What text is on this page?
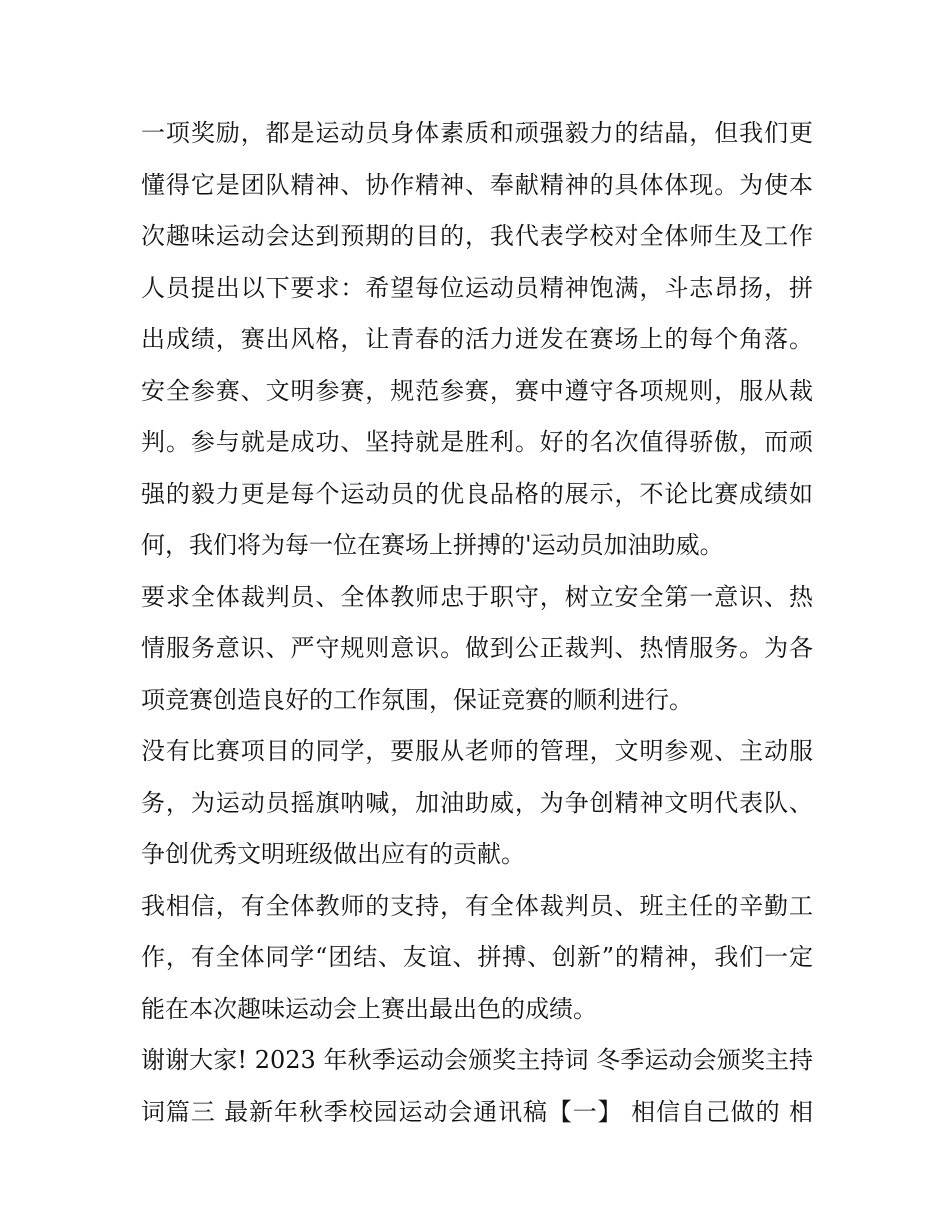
一项奖励，都是运动员身体素质和顽强毅力的结晶，但我们更
懂得它是团队精神、协作精神、奉献精神的具体体现。为使本
次趣味运动会达到预期的目的，我代表学校对全体师生及工作
人员提出以下要求：希望每位运动员精神饱满，斗志昂扬，拼
出成绩，赛出风格，让青春的活力迸发在赛场上的每个角落。
安全参赛、文明参赛，规范参赛，赛中遵守各项规则，服从裁
判。参与就是成功、坚持就是胜利。好的名次值得骄傲，而顽
强的毅力更是每个运动员的优良品格的展示，不论比赛成绩如
何，我们将为每一位在赛场上拼搏的'运动员加油助威。
要求全体裁判员、全体教师忠于职守，树立安全第一意识、热
情服务意识、严守规则意识。做到公正裁判、热情服务。为各
项竞赛创造良好的工作氛围，保证竞赛的顺利进行。
没有比赛项目的同学，要服从老师的管理，文明参观、主动服
务，为运动员摇旗呐喊，加油助威，为争创精神文明代表队、
争创优秀文明班级做出应有的贡献。
我相信，有全体教师的支持，有全体裁判员、班主任的辛勤工
作，有全体同学“团结、友谊、拼搏、创新”的精神，我们一定
能在本次趣味运动会上赛出最出色的成绩。
谢谢大家! 2023 年秋季运动会颁奖主持词 冬季运动会颁奖主持
词篇三 最新年秋季校园运动会通讯稿【一】 相信自己做的 相
